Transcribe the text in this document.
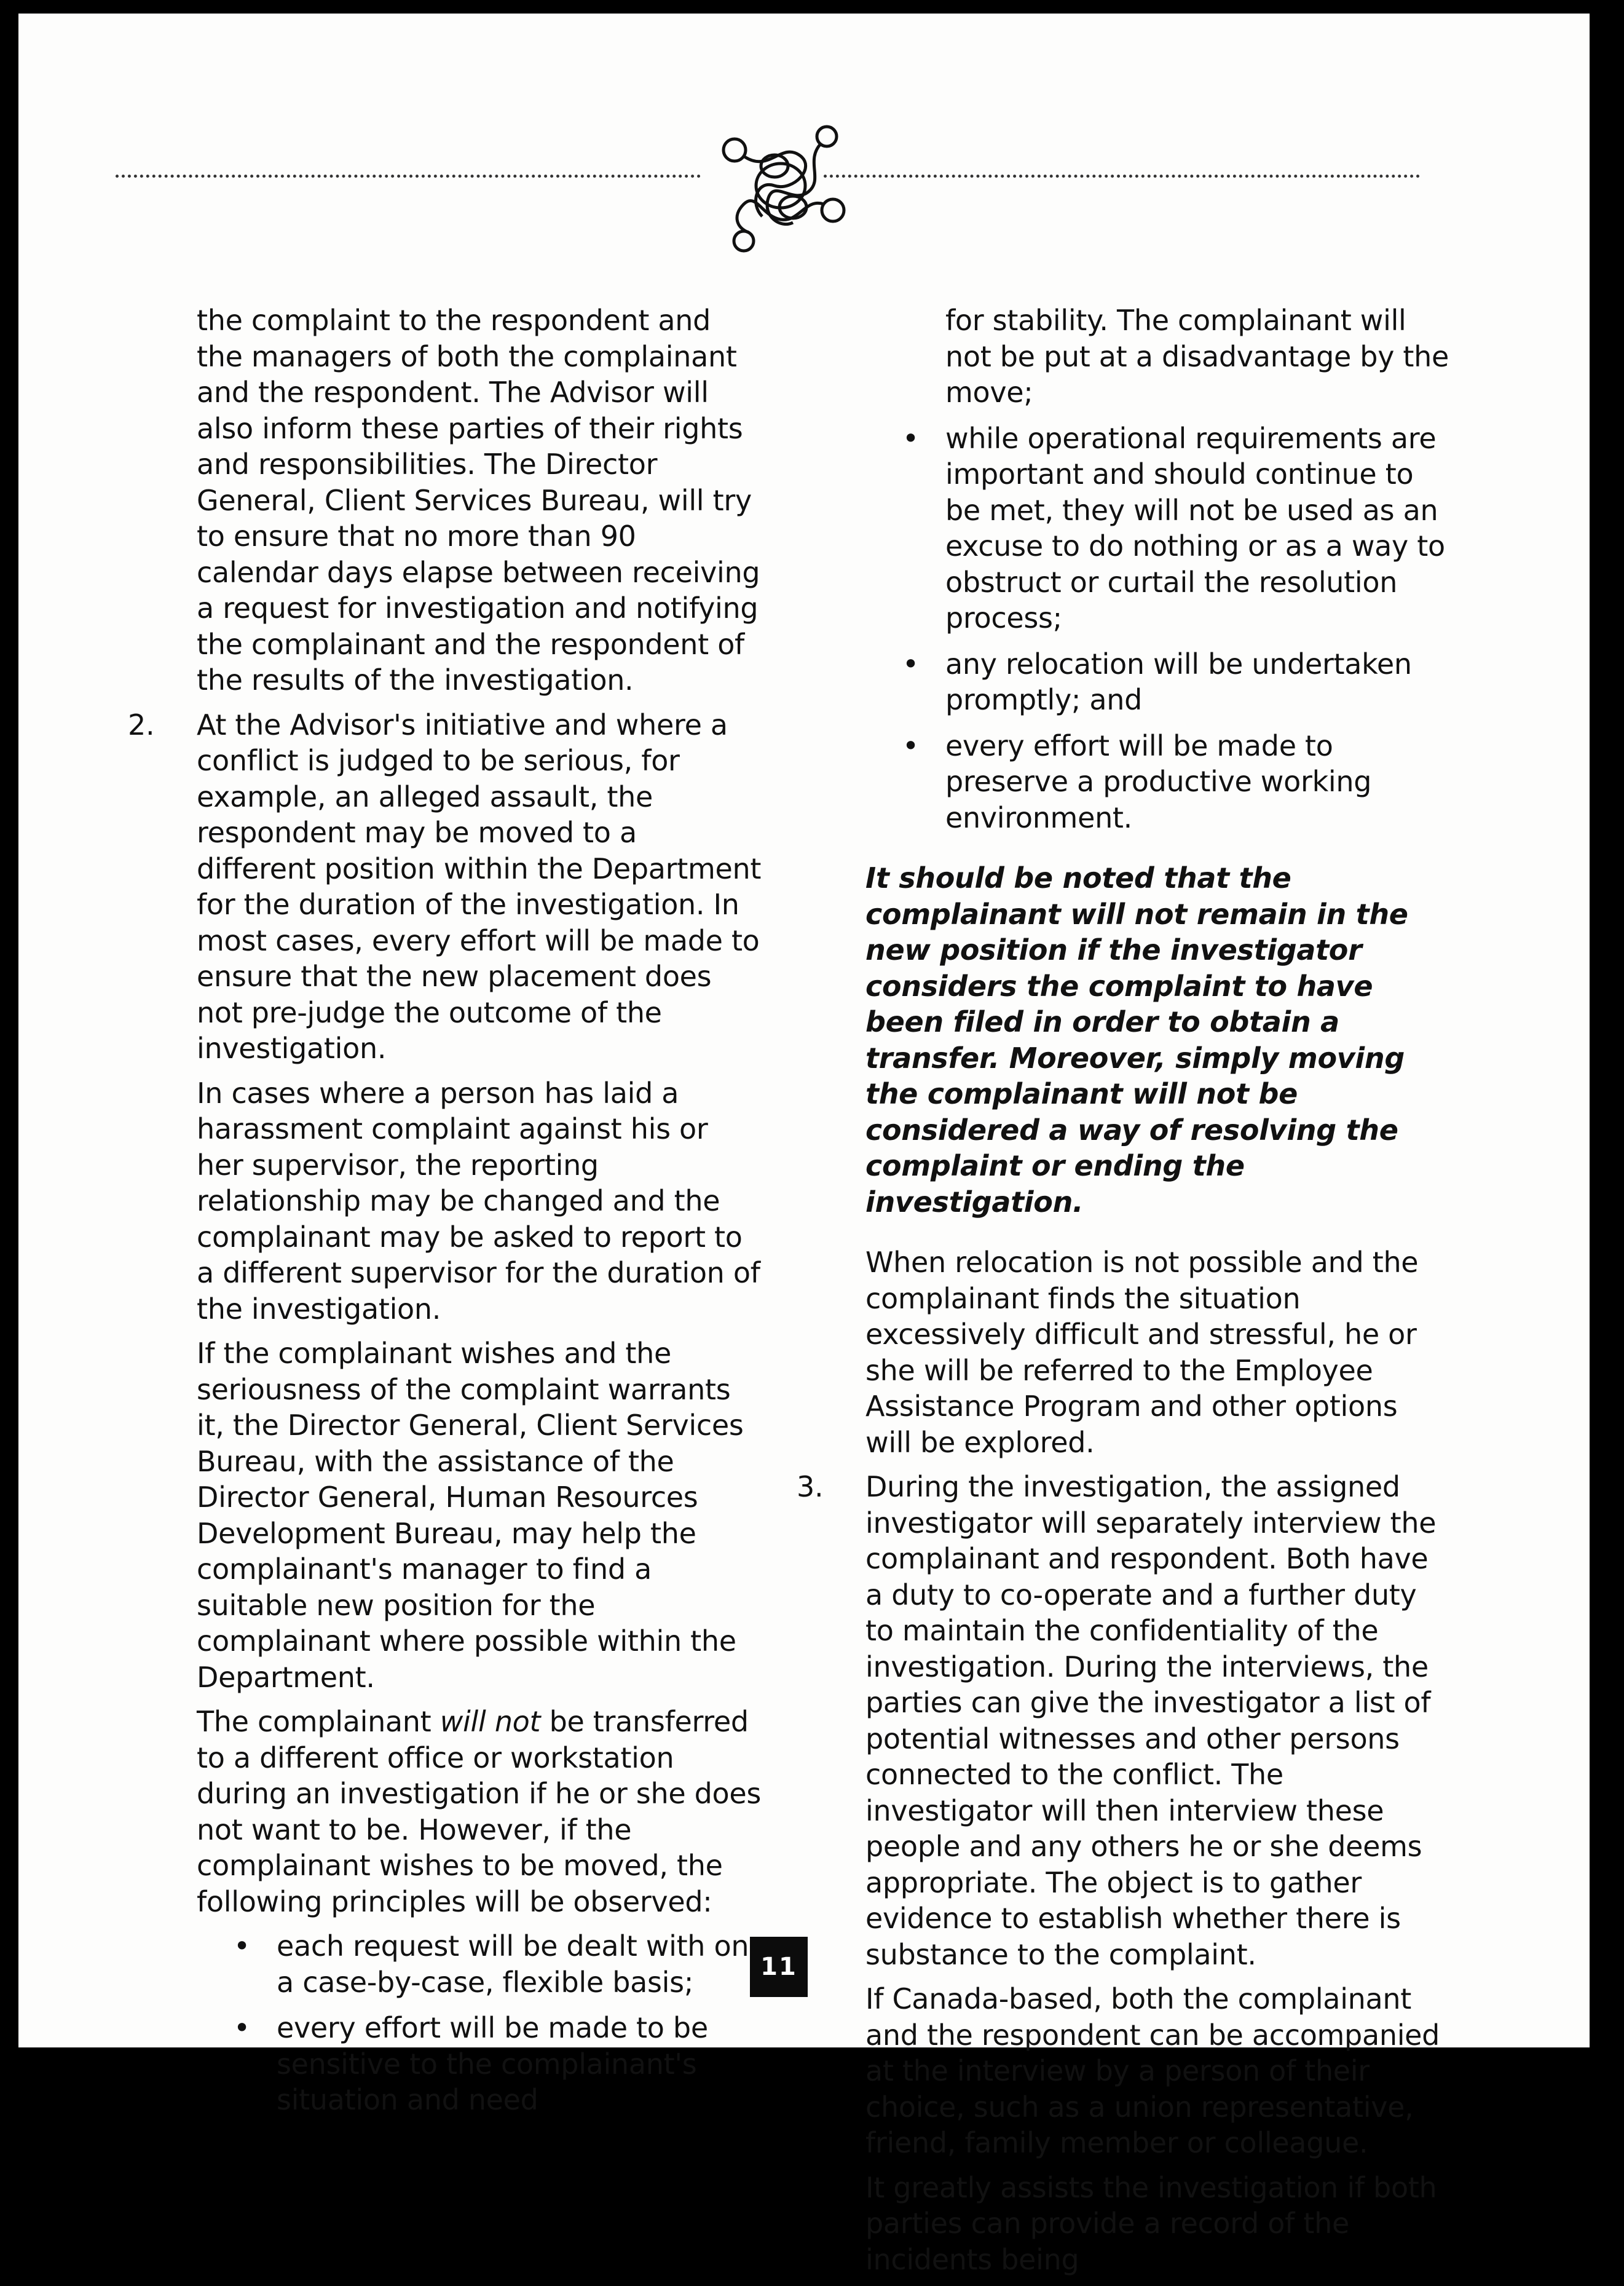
the complaint to the respondent and the managers of both the complainant and the respondent. The Advisor will also inform these parties of their rights and responsibilities. The Director General, Client Services Bureau, will try to ensure that no more than 90 calendar days elapse between receiving a request for investigation and notifying the complainant and the respondent of the results of the investigation.

2. At the Advisor's initiative and where a conflict is judged to be serious, for example, an alleged assault, the respondent may be moved to a different position within the Department for the duration of the investigation. In most cases, every effort will be made to ensure that the new placement does not pre-judge the outcome of the investigation.

In cases where a person has laid a harassment complaint against his or her supervisor, the reporting relationship may be changed and the complainant may be asked to report to a different supervisor for the duration of the investigation.

If the complainant wishes and the seriousness of the complaint warrants it, the Director General, Client Services Bureau, with the assistance of the Director General, Human Resources Development Bureau, may help the complainant's manager to find a suitable new position for the complainant where possible within the Department.

The complainant will not be transferred to a different office or workstation during an investigation if he or she does not want to be. However, if the complainant wishes to be moved, the following principles will be observed:

• each request will be dealt with on a case-by-case, flexible basis;
• every effort will be made to be sensitive to the complainant's situation and need
for stability. The complainant will not be put at a disadvantage by the move;
• while operational requirements are important and should continue to be met, they will not be used as an excuse to do nothing or as a way to obstruct or curtail the resolution process;
• any relocation will be undertaken promptly; and
• every effort will be made to preserve a productive working environment.

It should be noted that the complainant will not remain in the new position if the investigator considers the complaint to have been filed in order to obtain a transfer. Moreover, simply moving the complainant will not be considered a way of resolving the complaint or ending the investigation.

When relocation is not possible and the complainant finds the situation excessively difficult and stressful, he or she will be referred to the Employee Assistance Program and other options will be explored.

3. During the investigation, the assigned investigator will separately interview the complainant and respondent. Both have a duty to co-operate and a further duty to maintain the confidentiality of the investigation. During the interviews, the parties can give the investigator a list of potential witnesses and other persons connected to the conflict. The investigator will then interview these people and any others he or she deems appropriate. The object is to gather evidence to establish whether there is substance to the complaint.

If Canada-based, both the complainant and the respondent can be accompanied at the interview by a person of their choice, such as a union representative, friend, family member or colleague.

It greatly assists the investigation if both parties can provide a record of the incidents being

11
